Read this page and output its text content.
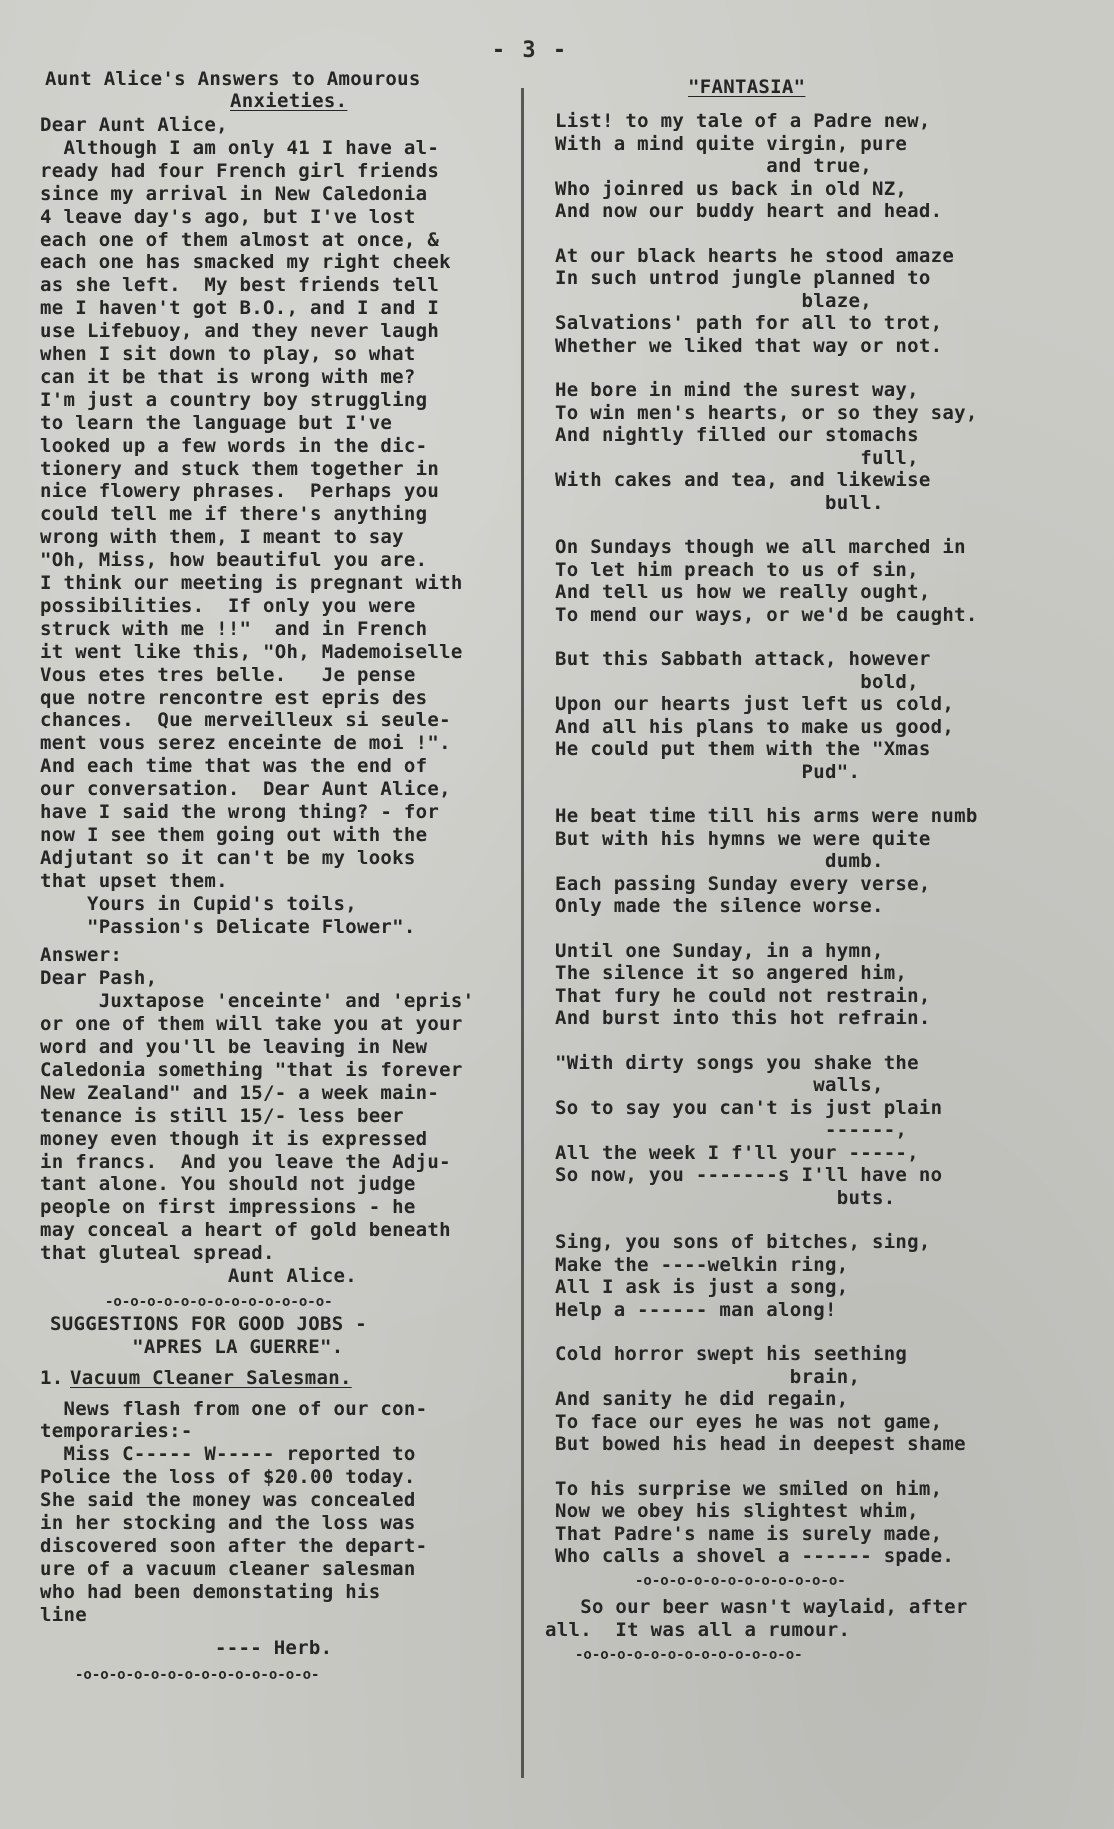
- 3 -
Aunt Alice's Answers to Amourous
Anxieties.
Dear Aunt Alice,
Although I am only 41 I have al-
ready had four French girl friends
since my arrival in New Caledonia
4 leave day's ago, but I've lost
each one of them almost at once, &
each one has smacked my right cheek
as she left.  My best friends tell
me I haven't got B.O., and I and I
use Lifebuoy, and they never laugh
when I sit down to play, so what
can it be that is wrong with me?
I'm just a country boy struggling
to learn the language but I've
looked up a few words in the dic-
tionery and stuck them together in
nice flowery phrases.  Perhaps you
could tell me if there's anything
wrong with them, I meant to say
"Oh, Miss, how beautiful you are.
I think our meeting is pregnant with
possibilities.  If only you were
struck with me !!"  and in French
it went like this, "Oh, Mademoiselle
Vous etes tres belle.   Je pense
que notre rencontre est epris des
chances.  Que merveilleux si seule-
ment vous serez enceinte de moi !".
And each time that was the end of
our conversation.  Dear Aunt Alice,
have I said the wrong thing? - for
now I see them going out with the
Adjutant so it can't be my looks
that upset them.
Yours in Cupid's toils,
"Passion's Delicate Flower".
Answer:
Dear Pash,
Juxtapose 'enceinte' and 'epris'
or one of them will take you at your
word and you'll be leaving in New
Caledonia something "that is forever
New Zealand" and 15/- a week main-
tenance is still 15/- less beer
money even though it is expressed
in francs.  And you leave the Adju-
tant alone. You should not judge
people on first impressions - he
may conceal a heart of gold beneath
that gluteal spread.
Aunt Alice.
-o-o-o-o-o-o-o-o-o-o-o-o-o-
SUGGESTIONS FOR GOOD JOBS -
"APRES LA GUERRE".
1. Vacuum Cleaner Salesman.
News flash from one of our con-
temporaries:-
Miss C----- W----- reported to
Police the loss of $20.00 today.
She said the money was concealed
in her stocking and the loss was
discovered soon after the depart-
ure of a vacuum cleaner salesman
who had been demonstating his
line
---- Herb.
-o-o-o-o-o-o-o-o-o-o-o-o-o-o-
"FANTASIA"
List! to my tale of a Padre new,
With a mind quite virgin, pure
and true,
Who joinred us back in old NZ,
And now our buddy heart and head.
At our black hearts he stood amaze
In such untrod jungle planned to
blaze,
Salvations' path for all to trot,
Whether we liked that way or not.
He bore in mind the surest way,
To win men's hearts, or so they say,
And nightly filled our stomachs
full,
With cakes and tea, and likewise
bull.
On Sundays though we all marched in
To let him preach to us of sin,
And tell us how we really ought,
To mend our ways, or we'd be caught.
But this Sabbath attack, however
bold,
Upon our hearts just left us cold,
And all his plans to make us good,
He could put them with the "Xmas
Pud".
He beat time till his arms were numb
But with his hymns we were quite
dumb.
Each passing Sunday every verse,
Only made the silence worse.
Until one Sunday, in a hymn,
The silence it so angered him,
That fury he could not restrain,
And burst into this hot refrain.
"With dirty songs you shake the
walls,
So to say you can't is just plain
------,
All the week I f'll your -----,
So now, you -------s I'll have no
buts.
Sing, you sons of bitches, sing,
Make the ----welkin ring,
All I ask is just a song,
Help a ------ man along!
Cold horror swept his seething
brain,
And sanity he did regain,
To face our eyes he was not game,
But bowed his head in deepest shame
To his surprise we smiled on him,
Now we obey his slightest whim,
That Padre's name is surely made,
Who calls a shovel a ------ spade.
-o-o-o-o-o-o-o-o-o-o-o-o-
So our beer wasn't waylaid, after
all.  It was all a rumour.
-o-o-o-o-o-o-o-o-o-o-o-o-o-
